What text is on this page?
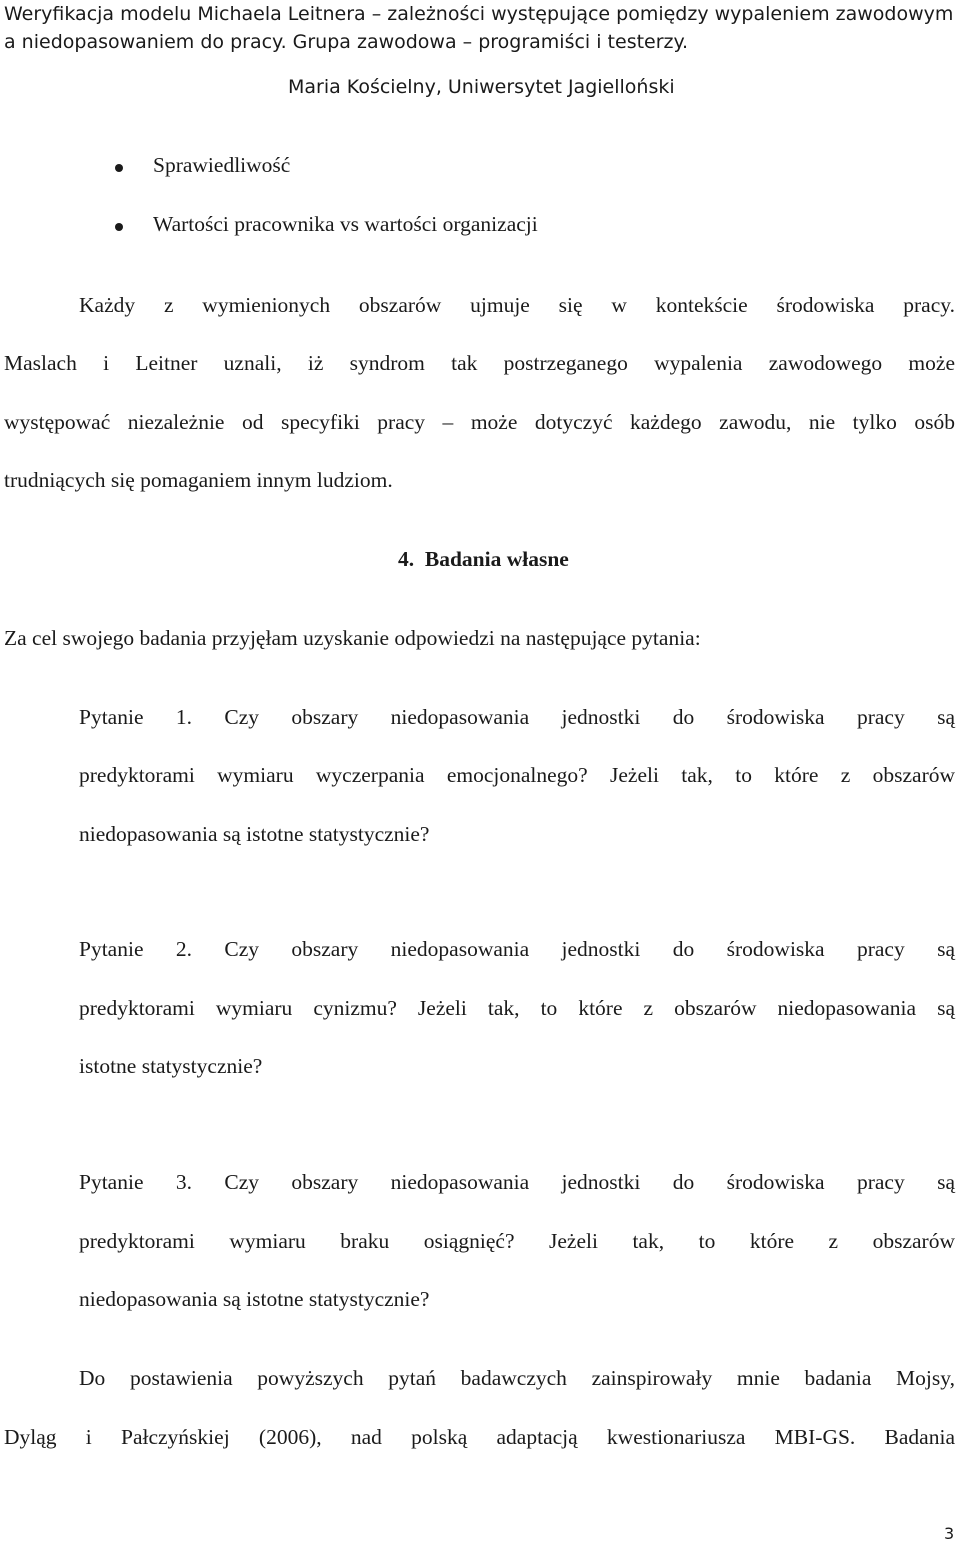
Weryfikacja modelu Michaela Leitnera – zależności występujące pomiędzy wypaleniem zawodowym
a niedopasowaniem do pracy. Grupa zawodowa – programiści i testerzy.
Maria Kościelny, Uniwersytet Jagielloński
Sprawiedliwość
Wartości pracownika vs wartości organizacji
Każdy z wymienionych obszarów ujmuje się w kontekście środowiska pracy.
Maslach i Leitner uznali, iż syndrom tak postrzeganego wypalenia zawodowego może
występować niezależnie od specyfiki pracy – może dotyczyć każdego zawodu, nie tylko osób
trudniących się pomaganiem innym ludziom.
4. Badania własne
Za cel swojego badania przyjęłam uzyskanie odpowiedzi na następujące pytania:
Pytanie 1. Czy obszary niedopasowania jednostki do środowiska pracy są
predyktorami wymiaru wyczerpania emocjonalnego? Jeżeli tak, to które z obszarów
niedopasowania są istotne statystycznie?
Pytanie 2. Czy obszary niedopasowania jednostki do środowiska pracy są
predyktorami wymiaru cynizmu? Jeżeli tak, to które z obszarów niedopasowania są
istotne statystycznie?
Pytanie 3. Czy obszary niedopasowania jednostki do środowiska pracy są
predyktorami wymiaru braku osiągnięć? Jeżeli tak, to które z obszarów
niedopasowania są istotne statystycznie?
Do postawienia powyższych pytań badawczych zainspirowały mnie badania Mojsy,
Dyląg i Pałczyńskiej (2006), nad polską adaptacją kwestionariusza MBI-GS. Badania
3
